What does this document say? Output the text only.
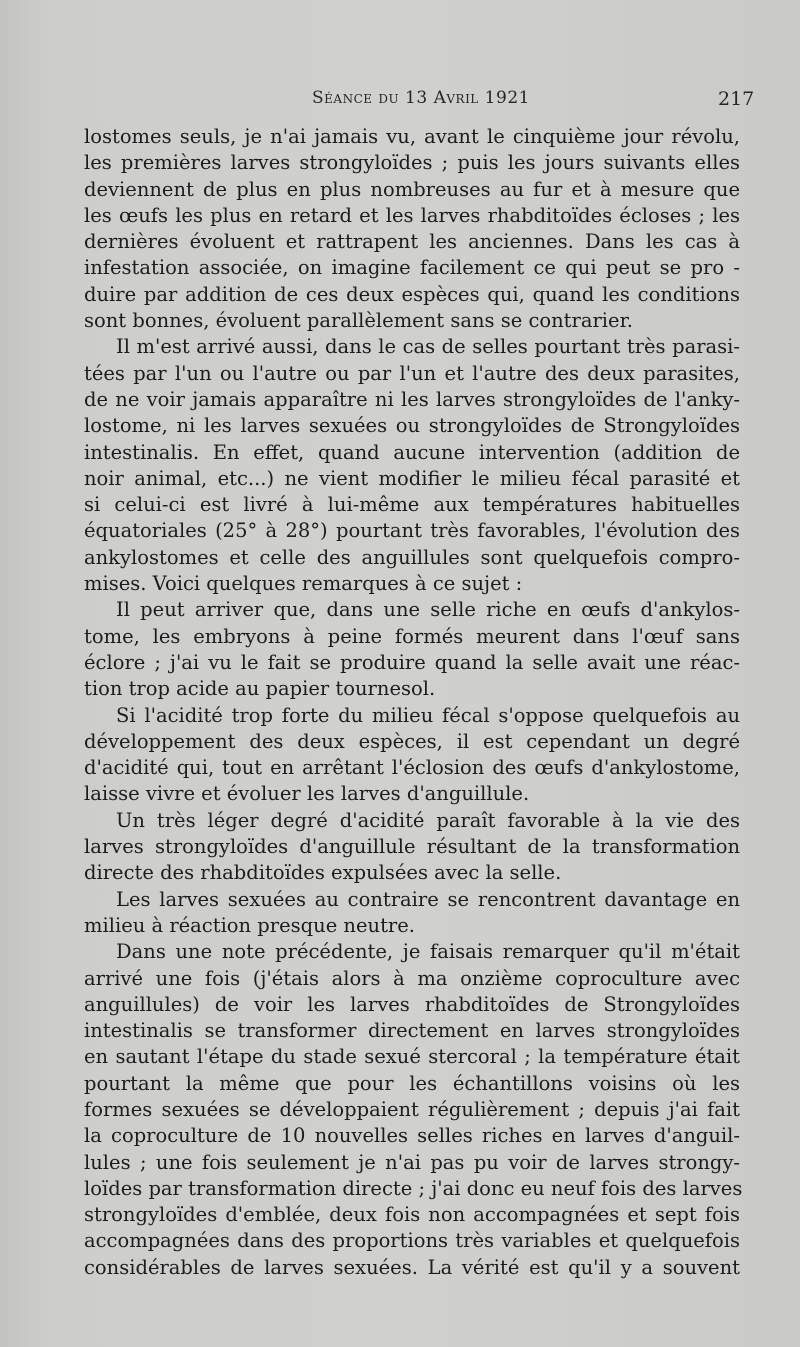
Séance du 13 Avril 1921	217
lostomes seuls, je n'ai jamais vu, avant le cinquième jour révolu,
les premières larves strongyloïdes ; puis les jours suivants elles
deviennent de plus en plus nombreuses au fur et à mesure que
les œufs les plus en retard et les larves rhabditoïdes écloses ; les
dernières évoluent et rattrapent les anciennes. Dans les cas à
infestation associée, on imagine facilement ce qui peut se pro -
duire par addition de ces deux espèces qui, quand les conditions
sont bonnes, évoluent parallèlement sans se contrarier.
Il m'est arrivé aussi, dans le cas de selles pourtant très parasi-
tées par l'un ou l'autre ou par l'un et l'autre des deux parasites,
de ne voir jamais apparaître ni les larves strongyloïdes de l'anky-
lostome, ni les larves sexuées ou strongyloïdes de Strongyloïdes
intestinalis. En effet, quand aucune intervention (addition de
noir animal, etc...) ne vient modifier le milieu fécal parasité et
si celui-ci est livré à lui-même aux températures habituelles
équatoriales (25° à 28°) pourtant très favorables, l'évolution des
ankylostomes et celle des anguillules sont quelquefois compro-
mises. Voici quelques remarques à ce sujet :
Il peut arriver que, dans une selle riche en œufs d'ankylos-
tome, les embryons à peine formés meurent dans l'œuf sans
éclore ; j'ai vu le fait se produire quand la selle avait une réac-
tion trop acide au papier tournesol.
Si l'acidité trop forte du milieu fécal s'oppose quelquefois au
développement des deux espèces, il est cependant un degré
d'acidité qui, tout en arrêtant l'éclosion des œufs d'ankylostome,
laisse vivre et évoluer les larves d'anguillule.
Un très léger degré d'acidité paraît favorable à la vie des
larves strongyloïdes d'anguillule résultant de la transformation
directe des rhabditoïdes expulsées avec la selle.
Les larves sexuées au contraire se rencontrent davantage en
milieu à réaction presque neutre.
Dans une note précédente, je faisais remarquer qu'il m'était
arrivé une fois (j'étais alors à ma onzième coproculture avec
anguillules) de voir les larves rhabditoïdes de Strongyloïdes
intestinalis se transformer directement en larves strongyloïdes
en sautant l'étape du stade sexué stercoral ; la température était
pourtant la même que pour les échantillons voisins où les
formes sexuées se développaient régulièrement ; depuis j'ai fait
la coproculture de 10 nouvelles selles riches en larves d'anguil-
lules ; une fois seulement je n'ai pas pu voir de larves strongy-
loïdes par transformation directe ; j'ai donc eu neuf fois des larves
strongyloïdes d'emblée, deux fois non accompagnées et sept fois
accompagnées dans des proportions très variables et quelquefois
considérables de larves sexuées. La vérité est qu'il y a souvent
